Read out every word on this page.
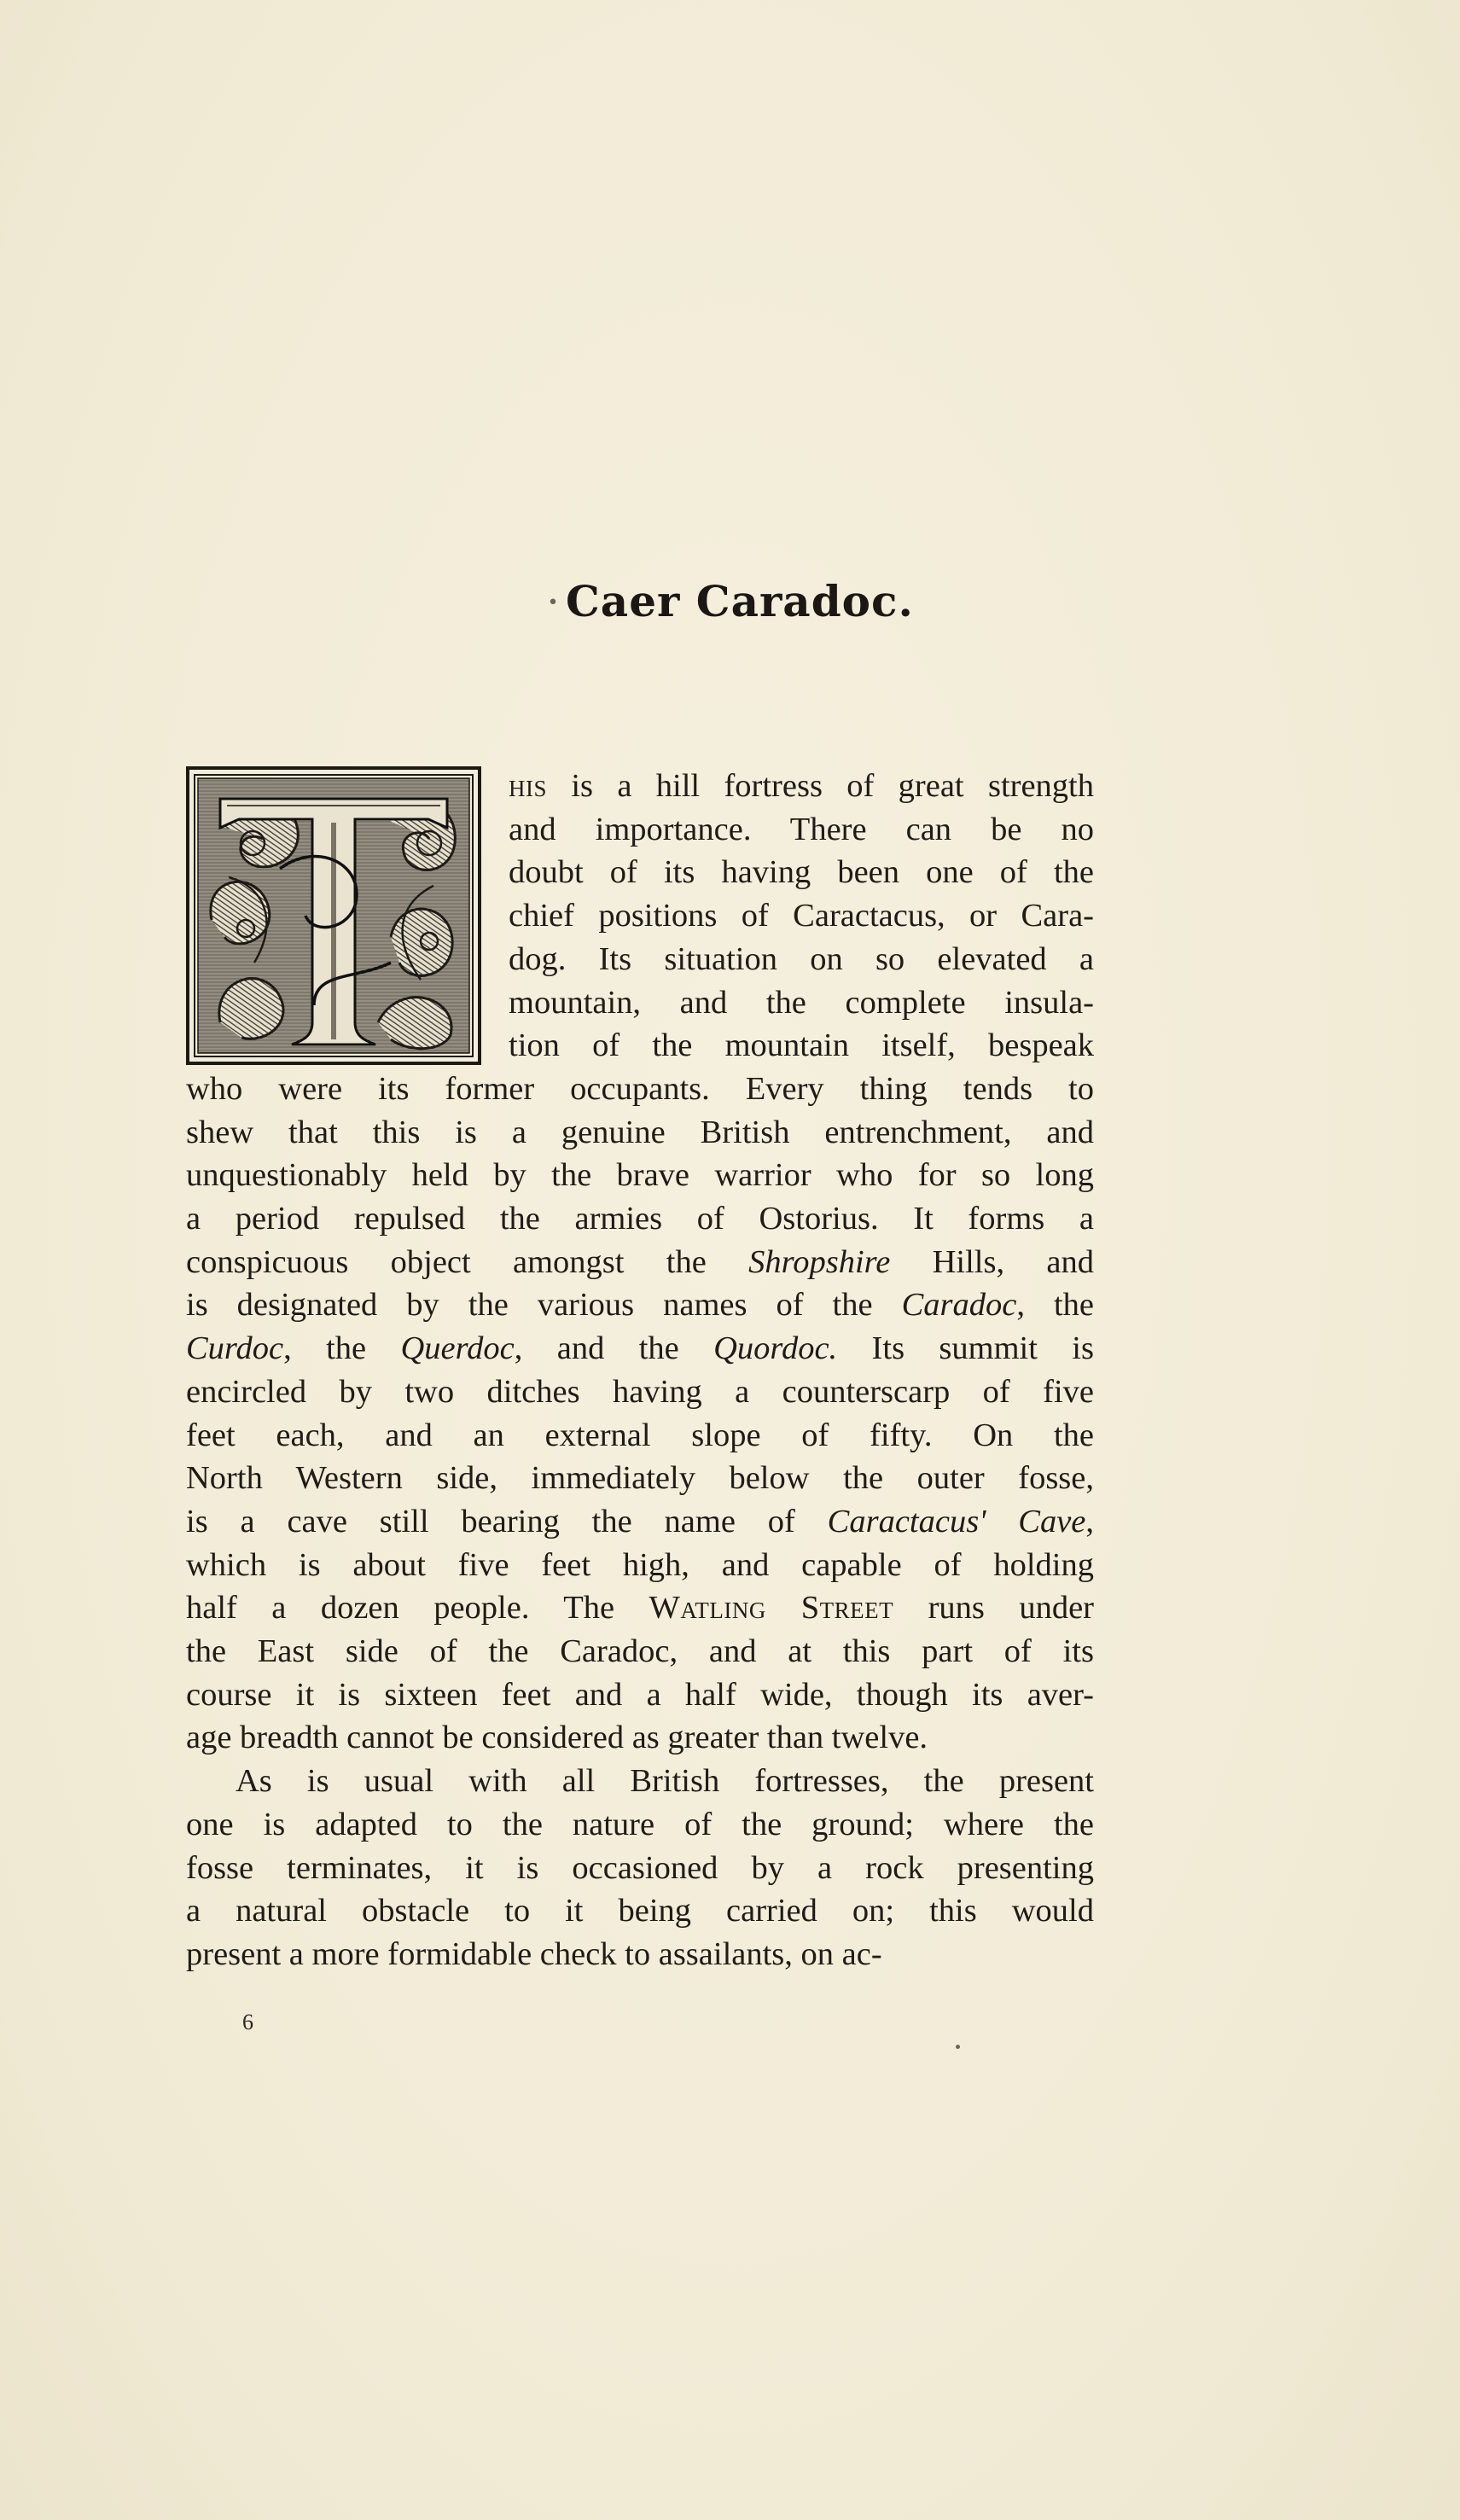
· Caer Caradoc.
his is a hill fortress of great strength
and importance. There can be no
doubt of its having been one of the
chief positions of Caractacus, or Cara-
dog. Its situation on so elevated a
mountain, and the complete insula-
tion of the mountain itself, bespeak
who were its former occupants. Every thing tends to
shew that this is a genuine British entrenchment, and
unquestionably held by the brave warrior who for so long
a period repulsed the armies of Ostorius. It forms a
conspicuous object amongst the Shropshire Hills, and
is designated by the various names of the Caradoc, the
Curdoc, the Querdoc, and the Quordoc. Its summit is
encircled by two ditches having a counterscarp of five
feet each, and an external slope of fifty. On the
North Western side, immediately below the outer fosse,
is a cave still bearing the name of Caractacus' Cave,
which is about five feet high, and capable of holding
half a dozen people. The Watling Street runs under
the East side of the Caradoc, and at this part of its
course it is sixteen feet and a half wide, though its aver-
age breadth cannot be considered as greater than twelve.
As is usual with all British fortresses, the present
one is adapted to the nature of the ground; where the
fosse terminates, it is occasioned by a rock presenting
a natural obstacle to it being carried on; this would
present a more formidable check to assailants, on ac-
6
